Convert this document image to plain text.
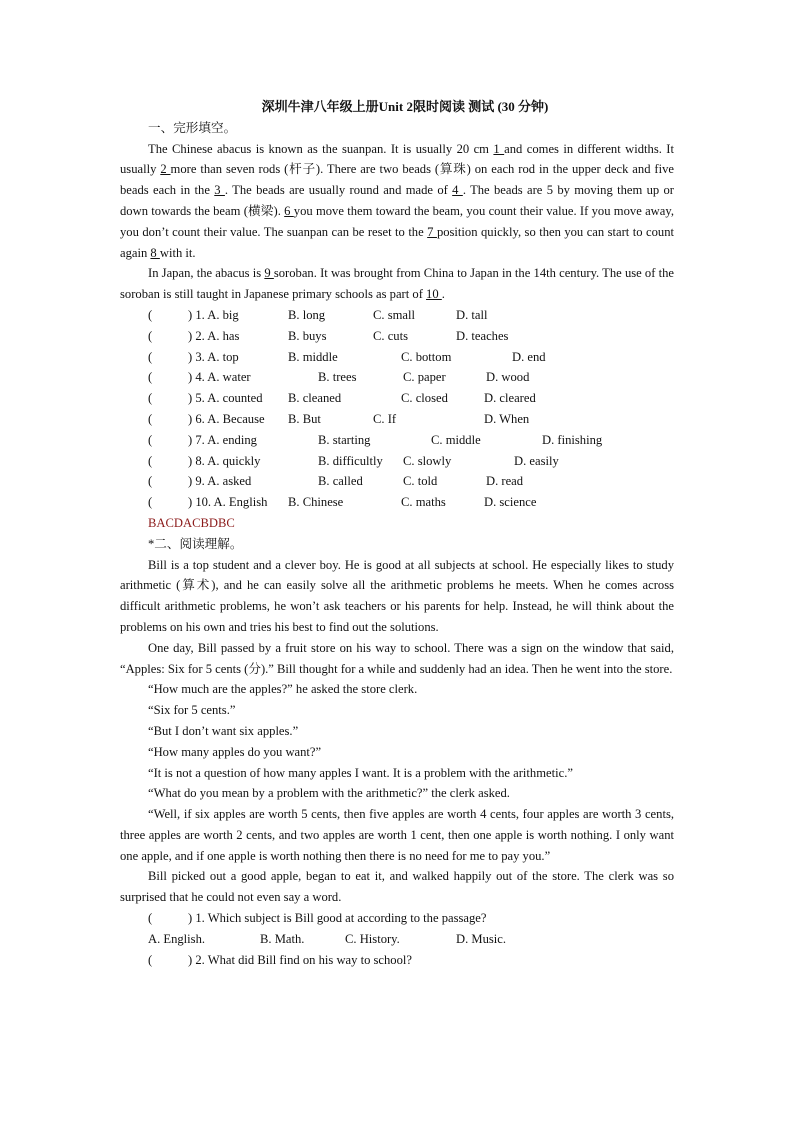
深圳牛津八年级上册Unit 2限时阅读 测试 (30 分钟)
一、完形填空。

The Chinese abacus is known as the suanpan. It is usually 20 cm 1 and comes in different widths. It usually 2 more than seven rods (杆子). There are two beads (算珠) on each rod in the upper deck and five beads each in the 3 . The beads are usually round and made of 4 . The beads are 5 by moving them up or down towards the beam (横梁). 6 you move them toward the beam, you count their value. If you move away, you don’t count their value. The suanpan can be reset to the 7 position quickly, so then you can start to count again 8 with it.

In Japan, the abacus is 9 soroban. It was brought from China to Japan in the 14th century. The use of the soroban is still taught in Japanese primary schools as part of 10 .

(	) 1. A. big	B. long	C. small	D. tall
(	) 2. A. has	B. buys	C. cuts	D. teaches
(	) 3. A. top	B. middle	C. bottom	D. end
(	) 4. A. water	B. trees	C. paper	D. wood
(	) 5. A. counted	B. cleaned	C. closed	D. cleared
(	) 6. A. Because	B. But	C. If	D. When
(	) 7. A. ending	B. starting	C. middle	D. finishing
(	) 8. A. quickly	B. difficultly	C. slowly	D. easily
(	) 9. A. asked	B. called	C. told	D. read
(	) 10. A. English	B. Chinese	C. maths	D. science
BACDACBDBC
*二、阅读理解。

Bill is a top student and a clever boy. He is good at all subjects at school. He especially likes to study arithmetic (算术), and he can easily solve all the arithmetic problems he meets. When he comes across difficult arithmetic problems, he won’t ask teachers or his parents for help. Instead, he will think about the problems on his own and tries his best to find out the solutions.

One day, Bill passed by a fruit store on his way to school. There was a sign on the window that said, “Apples: Six for 5 cents (分).” Bill thought for a while and suddenly had an idea. Then he went into the store.

“How much are the apples?” he asked the store clerk.

“Six for 5 cents.”

“But I don’t want six apples.”

“How many apples do you want?”

“It is not a question of how many apples I want. It is a problem with the arithmetic.”

“What do you mean by a problem with the arithmetic?” the clerk asked.

“Well, if six apples are worth 5 cents, then five apples are worth 4 cents, four apples are worth 3 cents, three apples are worth 2 cents, and two apples are worth 1 cent, then one apple is worth nothing. I only want one apple, and if one apple is worth nothing then there is no need for me to pay you.”

Bill picked out a good apple, began to eat it, and walked happily out of the store. The clerk was so surprised that he could not even say a word.

(	) 1. Which subject is Bill good at according to the passage?
A. English.	B. Math.	C. History.	D. Music.
(	) 2. What did Bill find on his way to school?
